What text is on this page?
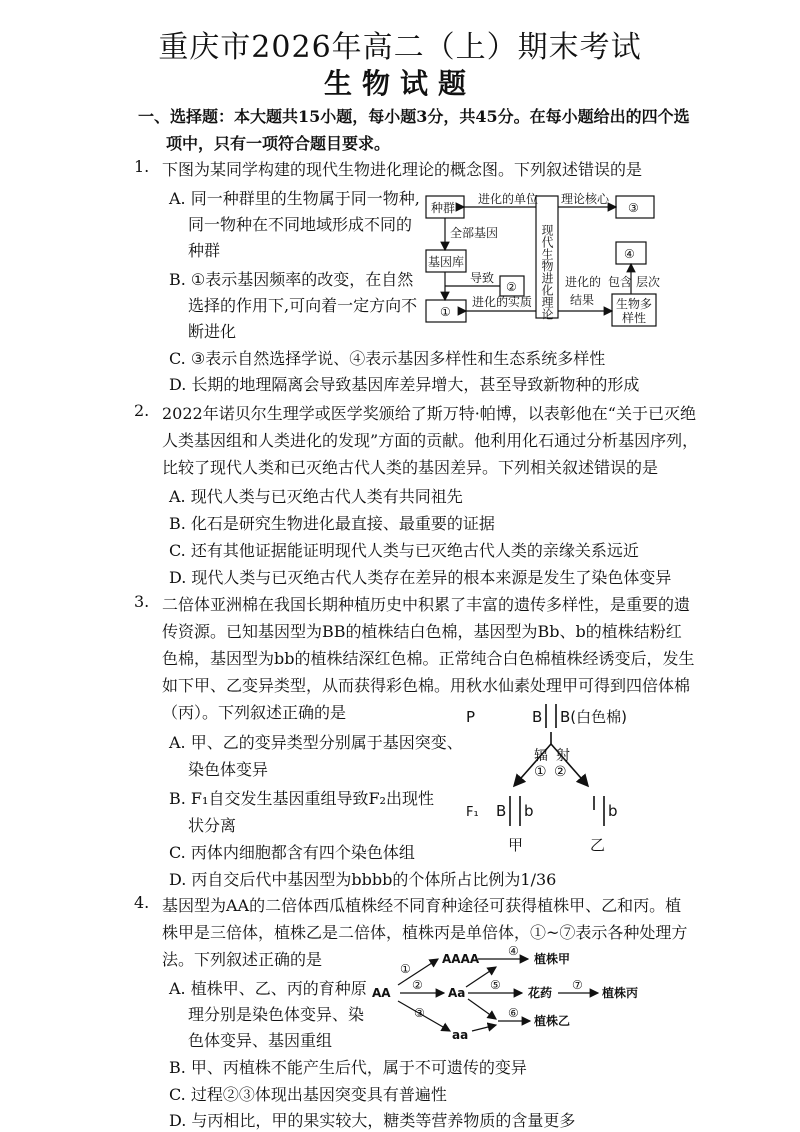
重庆市2026年高二（上）期末考试
生物试题
一、选择题：本大题共15小题，每小题3分，共45分。在每小题给出的四个选
项中，只有一项符合题目要求。
1. 下图为某同学构建的现代生物进化理论的概念图。下列叙述错误的是
A. 同一种群里的生物属于同一物种,
同一物种在不同地域形成不同的
种群
B. ①表示基因频率的改变，在自然
选择的作用下,可向着一定方向不
断进化
C. ③表示自然选择学说、④表示基因多样性和生态系统多样性
D. 长期的地理隔离会导致基因库差异增大，甚至导致新物种的形成
种群
进化的单位 理论核心
③
全部基因
基因库
导致
②
①
进化的实质
进化的
结果
④
包含 层次
生物多
样性
现代生物进化理论
2. 2022年诺贝尔生理学或医学奖颁给了斯万特·帕博，以表彰他在“关于已灭绝
人类基因组和人类进化的发现”方面的贡献。他利用化石通过分析基因序列，
比较了现代人类和已灭绝古代人类的基因差异。下列相关叙述错误的是
A. 现代人类与已灭绝古代人类有共同祖先
B. 化石是研究生物进化最直接、最重要的证据
C. 还有其他证据能证明现代人类与已灭绝古代人类的亲缘关系远近
D. 现代人类与已灭绝古代人类存在差异的根本来源是发生了染色体变异
3. 二倍体亚洲棉在我国长期种植历史中积累了丰富的遗传多样性，是重要的遗
传资源。已知基因型为BB的植株结白色棉，基因型为Bb、b的植株结粉红
色棉，基因型为bb的植株结深红色棉。正常纯合白色棉植株经诱变后，发生
如下甲、乙变异类型，从而获得彩色棉。用秋水仙素处理甲可得到四倍体棉
（丙）。下列叙述正确的是
A. 甲、乙的变异类型分别属于基因突变、
染色体变异
B. F₁自交发生基因重组导致F₂出现性
状分离
C. 丙体内细胞都含有四个染色体组
D. 丙自交后代中基因型为bbbb的个体所占比例为1/36
P	B B(白色棉)
辐 射
① ②
F₁ B b	b
甲	乙
4. 基因型为AA的二倍体西瓜植株经不同育种途径可获得植株甲、乙和丙。植
株甲是三倍体，植株乙是二倍体，植株丙是单倍体，①~⑦表示各种处理方
法。下列叙述正确的是
A. 植株甲、乙、丙的育种原
理分别是染色体变异、染
色体变异、基因重组
B. 甲、丙植株不能产生后代，属于不可遗传的变异
C. 过程②③体现出基因突变具有普遍性
D. 与丙相比，甲的果实较大，糖类等营养物质的含量更多
AA
AAAA
Aa
aa
①
②
③
④
⑤
⑥
⑦
植株甲
花药	植株丙
植株乙
